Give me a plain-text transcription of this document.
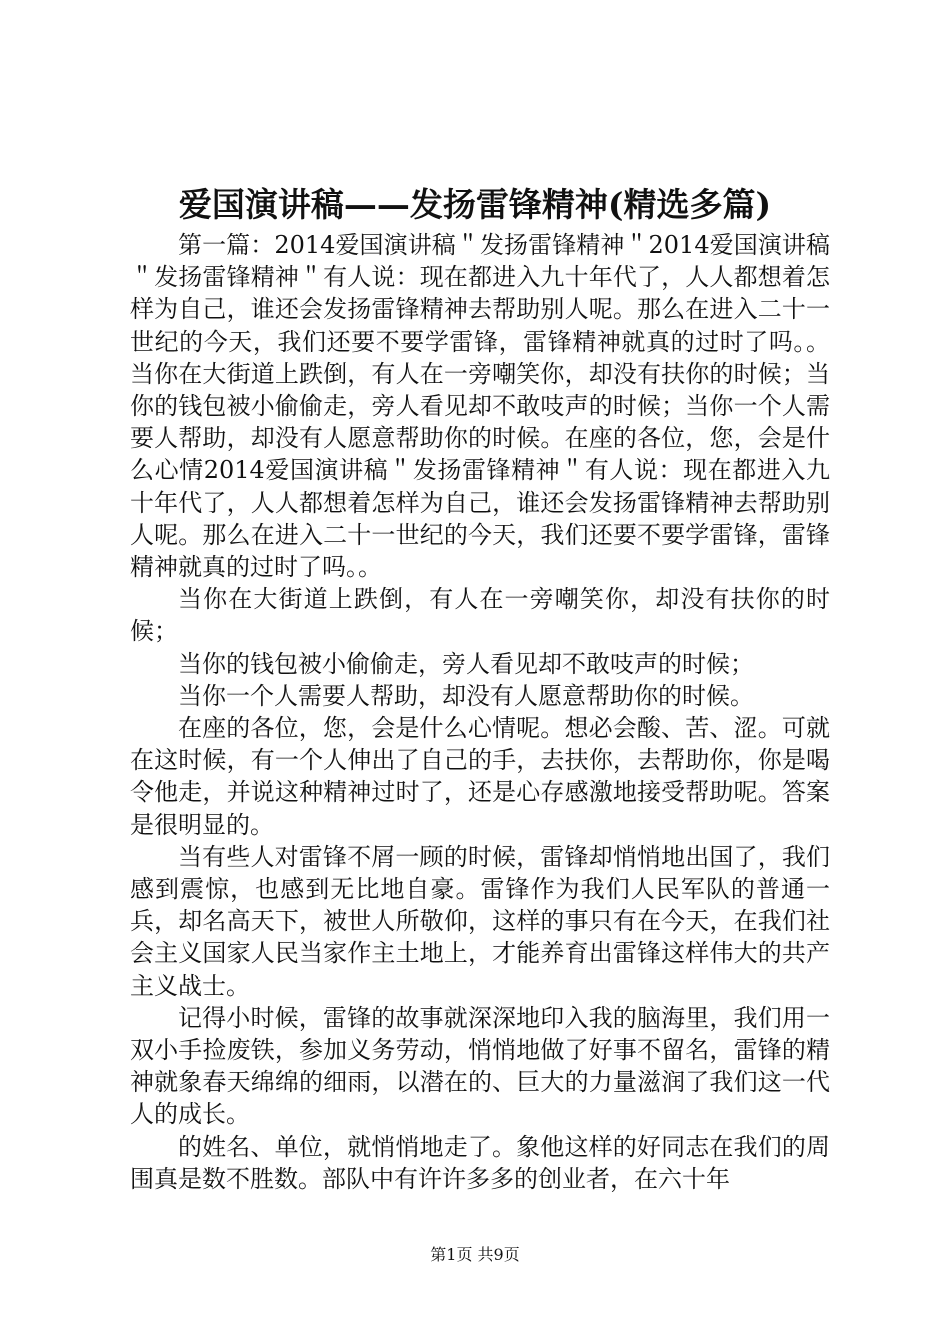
爱国演讲稿——发扬雷锋精神(精选多篇)

第一篇：2014爱国演讲稿＂发扬雷锋精神＂2014爱国演讲稿＂发扬雷锋精神＂有人说：现在都进入九十年代了，人人都想着怎样为自己，谁还会发扬雷锋精神去帮助别人呢。那么在进入二十一世纪的今天，我们还要不要学雷锋，雷锋精神就真的过时了吗。。当你在大街道上跌倒，有人在一旁嘲笑你，却没有扶你的时候；当你的钱包被小偷偷走，旁人看见却不敢吱声的时候；当你一个人需要人帮助，却没有人愿意帮助你的时候。在座的各位，您，会是什么心情2014爱国演讲稿＂发扬雷锋精神＂有人说：现在都进入九十年代了，人人都想着怎样为自己，谁还会发扬雷锋精神去帮助别人呢。那么在进入二十一世纪的今天，我们还要不要学雷锋，雷锋精神就真的过时了吗。。

当你在大街道上跌倒，有人在一旁嘲笑你，却没有扶你的时候；

当你的钱包被小偷偷走，旁人看见却不敢吱声的时候；

当你一个人需要人帮助，却没有人愿意帮助你的时候。

在座的各位，您，会是什么心情呢。想必会酸、苦、涩。可就在这时候，有一个人伸出了自己的手，去扶你，去帮助你，你是喝令他走，并说这种精神过时了，还是心存感激地接受帮助呢。答案是很明显的。

当有些人对雷锋不屑一顾的时候，雷锋却悄悄地出国了，我们感到震惊，也感到无比地自豪。雷锋作为我们人民军队的普通一兵，却名高天下，被世人所敬仰，这样的事只有在今天，在我们社会主义国家人民当家作主土地上，才能养育出雷锋这样伟大的共产主义战士。

记得小时候，雷锋的故事就深深地印入我的脑海里，我们用一双小手捡废铁，参加义务劳动，悄悄地做了好事不留名，雷锋的精神就象春天绵绵的细雨，以潜在的、巨大的力量滋润了我们这一代人的成长。

的姓名、单位，就悄悄地走了。象他这样的好同志在我们的周围真是数不胜数。部队中有许许多多的创业者，在六十年

第1页 共9页
